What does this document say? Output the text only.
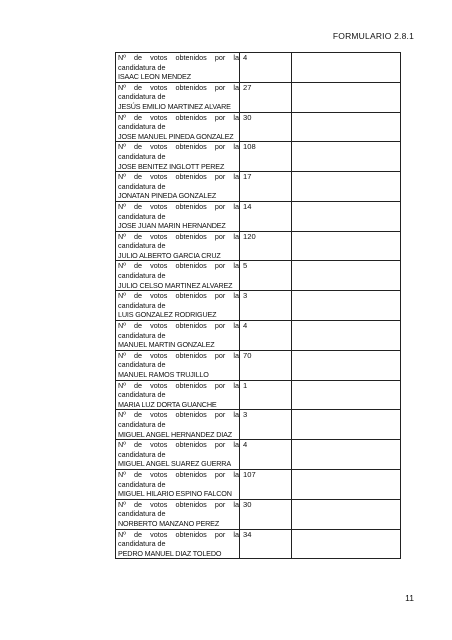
FORMULARIO 2.8.1
Nº de votos obtenidos por la
candidatura de
ISAAC LEON MENDEZ	4	

Nº de votos obtenidos por la
candidatura de
JESÚS EMILIO MARTINEZ ALVARE	27	

Nº de votos obtenidos por la
candidatura de
JOSE MANUEL PINEDA GONZALEZ	30	

Nº de votos obtenidos por la
candidatura de
JOSE BENITEZ INGLOTT PEREZ	108	

Nº de votos obtenidos por la
candidatura de
JONATAN PINEDA GONZALEZ	17	

Nº de votos obtenidos por la
candidatura de
JOSE JUAN MARIN HERNANDEZ	14	

Nº de votos obtenidos por la
candidatura de
JULIO ALBERTO GARCIA CRUZ	120	

Nº de votos obtenidos por la
candidatura de
JULIO CELSO MARTINEZ ALVAREZ	5	

Nº de votos obtenidos por la
candidatura de
LUIS GONZALEZ RODRIGUEZ	3	

Nº de votos obtenidos por la
candidatura de
MANUEL MARTIN GONZALEZ	4	

Nº de votos obtenidos por la
candidatura de
MANUEL RAMOS TRUJILLO	70	

Nº de votos obtenidos por la
candidatura de
MARIA LUZ DORTA GUANCHE	1	

Nº de votos obtenidos por la
candidatura de
MIGUEL ANGEL HERNANDEZ DIAZ	3	

Nº de votos obtenidos por la
candidatura de
MIGUEL ANGEL SUAREZ GUERRA	4	

Nº de votos obtenidos por la
candidatura de
MIGUEL HILARIO ESPINO FALCON	107	

Nº de votos obtenidos por la
candidatura de
NORBERTO MANZANO PEREZ	30	

Nº de votos obtenidos por la
candidatura de
PEDRO MANUEL DIAZ TOLEDO	34	
11
